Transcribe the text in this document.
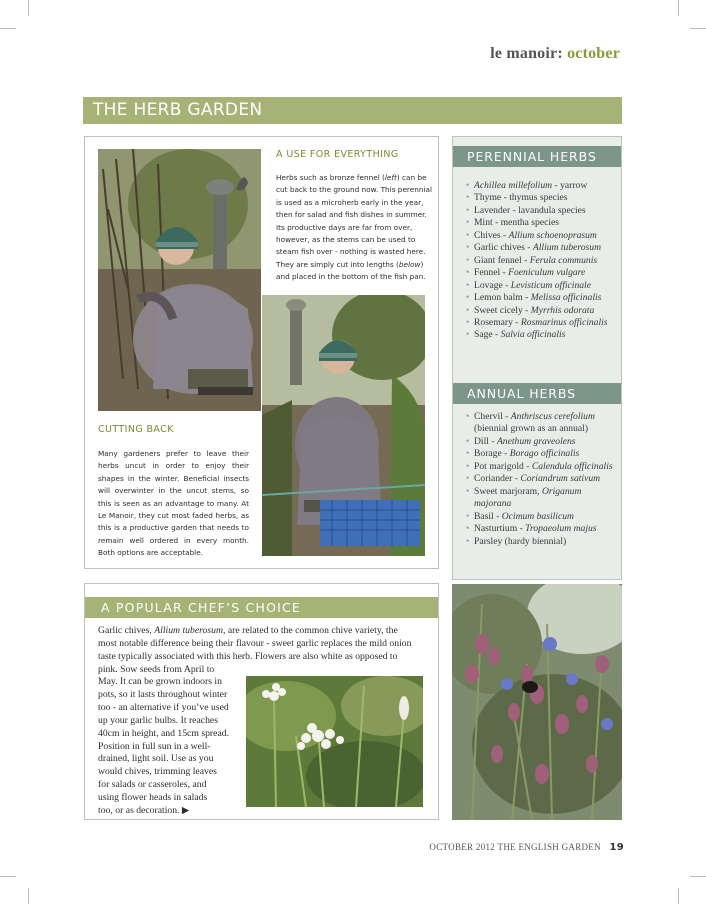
le manoir: october
THE HERB GARDEN
CUTTING BACK
Many gardeners prefer to leave their herbs uncut in order to enjoy their shapes in the winter. Beneficial insects will overwinter in the uncut stems, so this is seen as an advantage to many. At Le Manoir, they cut most faded herbs, as this is a productive garden that needs to remain well ordered in every month. Both options are acceptable.
A USE FOR EVERYTHING
Herbs such as bronze fennel (left) can be cut back to the ground now. This perennial is used as a microherb early in the year, then for salad and fish dishes in summer. Its productive days are far from over, however, as the stems can be used to steam fish over - nothing is wasted here. They are simply cut into lengths (below) and placed in the bottom of the fish pan.
PERENNIAL HERBS
• Achillea millefolium - yarrow
• Thyme - thymus species
• Lavender - lavandula species
• Mint - mentha species
• Chives - Allium schoenoprasum
• Garlic chives - Allium tuberosum
• Giant fennel - Ferula communis
• Fennel - Foeniculum vulgare
• Lovage - Levisticum officinale
• Lemon balm - Melissa officinalis
• Sweet cicely - Myrrhis odorata
• Rosemary - Rosmarinus officinalis
• Sage - Salvia officinalis
ANNUAL HERBS
• Chervil - Anthriscus cerefolium (biennial grown as an annual)
• Dill - Anethum graveolens
• Borage - Borago officinalis
• Pot marigold - Calendula officinalis
• Coriander - Coriandrum sativum
• Sweet marjoram, Origanum majorana
• Basil - Ocimum basilicum
• Nasturtium - Tropaeolum majus
• Parsley (hardy biennial)
A POPULAR CHEF’S CHOICE
Garlic chives, Allium tuberosum, are related to the common chive variety, the
most notable difference being their flavour - sweet garlic replaces the mild onion
taste typically associated with this herb. Flowers are also white as opposed to
pink. Sow seeds from April to
May. It can be grown indoors in
pots, so it lasts throughout winter
too - an alternative if you’ve used
up your garlic bulbs. It reaches
40cm in height, and 15cm spread.
Position in full sun in a well-
drained, light soil. Use as you
would chives, trimming leaves
for salads or casseroles, and
using flower heads in salads
too, or as decoration. ▶
OCTOBER 2012 THE ENGLISH GARDEN 19
